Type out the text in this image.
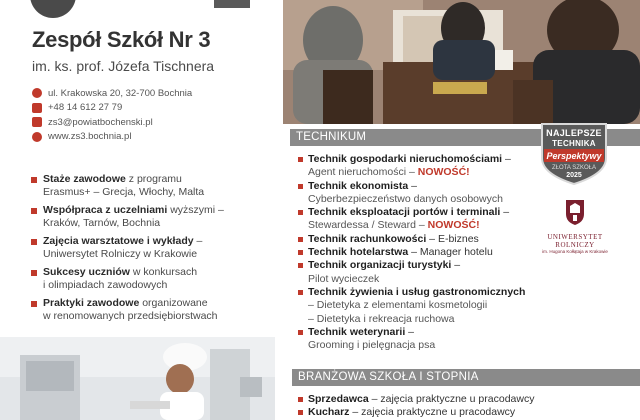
Zespół Szkół Nr 3
im. ks. prof. Józefa Tischnera
ul. Krakowska 20, 32-700 Bochnia
+48 14 612 27 79
zs3@powiatbochenski.pl
www.zs3.bochnia.pl
Staże zawodowe z programu
Erasmus+ – Grecja, Włochy, Malta
Współpraca z uczelniami wyższymi –
Kraków, Tarnów, Bochnia
Zajęcia warsztatowe i wykłady –
Uniwersytet Rolniczy w Krakowie
Sukcesy uczniów w konkursach
i olimpiadach zawodowych
Praktyki zawodowe organizowane
w renomowanych przedsiębiorstwach
TECHNIKUM
Technik gospodarki nieruchomościami –
Agent nieruchomości – NOWOŚĆ!
Technik ekonomista –
Cyberbezpieczeństwo danych osobowych
Technik eksploatacji portów i terminali –
Stewardessa / Steward – NOWOŚĆ!
Technik rachunkowości – E-biznes
Technik hotelarstwa – Manager hotelu
Technik organizacji turystyki –
Pilot wycieczek
Technik żywienia i usług gastronomicznych
– Dietetyka z elementami kosmetologii
– Dietetyka i rekreacja ruchowa
Technik weterynarii –
Grooming i pielęgnacja psa
NAJLEPSZE
TECHNIKA
Perspektywy
ZŁOTA SZKOŁA
2025
UNIWERSYTET ROLNICZY
im. Hugona Kołłątaja w Krakowie
BRANŻOWA SZKOŁA I STOPNIA
Sprzedawca – zajęcia praktyczne u pracodawcy
Kucharz – zajęcia praktyczne u pracodawcy
